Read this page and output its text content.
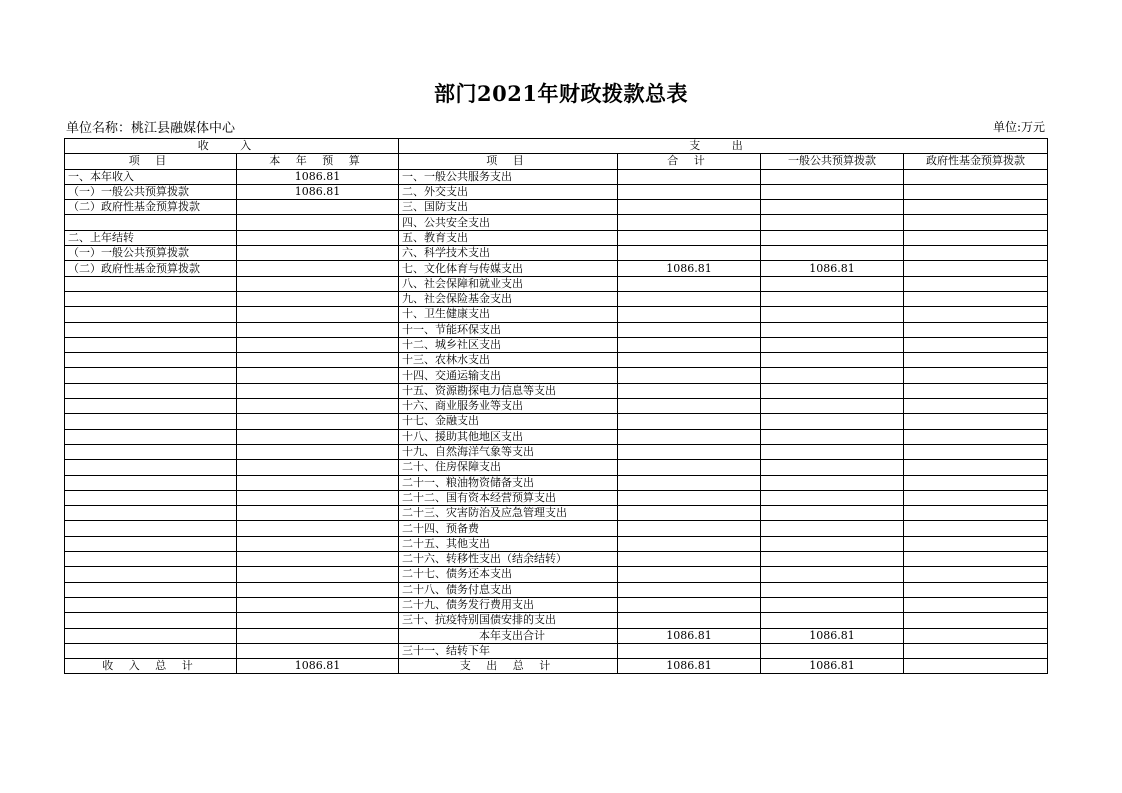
部门2021年财政拨款总表
单位名称：桃江县融媒体中心	单位:万元
收 入		支 出			
项 目	本 年 预 算	项 目	合 计	一般公共预算拨款	政府性基金预算拨款
一、本年收入	1086.81	一、一般公共服务支出			
（一）一般公共预算拨款	1086.81	二、外交支出			
（二）政府性基金预算拨款		三、国防支出			
		四、公共安全支出			
二、上年结转		五、教育支出			
（一）一般公共预算拨款		六、科学技术支出			
（二）政府性基金预算拨款		七、文化体育与传媒支出	1086.81	1086.81	
		八、社会保障和就业支出			
		九、社会保险基金支出			
		十、卫生健康支出			
		十一、节能环保支出			
		十二、城乡社区支出			
		十三、农林水支出			
		十四、交通运输支出			
		十五、资源勘探电力信息等支出			
		十六、商业服务业等支出			
		十七、金融支出			
		十八、援助其他地区支出			
		十九、自然海洋气象等支出			
		二十、住房保障支出			
		二十一、粮油物资储备支出			
		二十二、国有资本经营预算支出			
		二十三、灾害防治及应急管理支出			
		二十四、预备费			
		二十五、其他支出			
		二十六、转移性支出（结余结转）			
		二十七、债务还本支出			
		二十八、债务付息支出			
		二十九、债务发行费用支出			
		三十、抗疫特别国债安排的支出			
		本年支出合计	1086.81	1086.81	
		三十一、结转下年			
收 入 总 计	1086.81	支 出 总 计	1086.81	1086.81	
